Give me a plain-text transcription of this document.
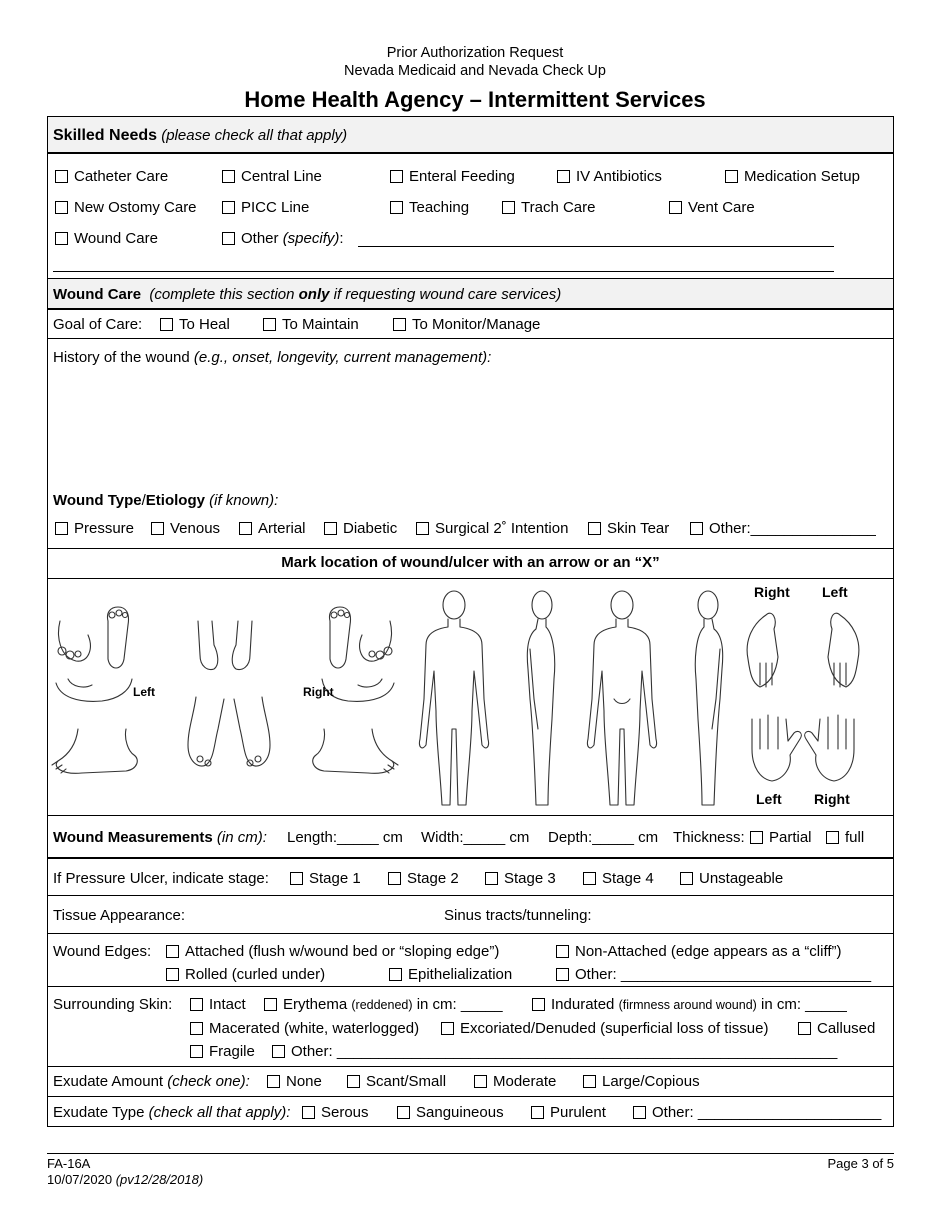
Prior Authorization Request
Nevada Medicaid and Nevada Check Up
Home Health Agency – Intermittent Services
Skilled Needs (please check all that apply)
Catheter Care	Central Line	Enteral Feeding	IV Antibiotics	Medication Setup
New Ostomy Care	PICC Line	Teaching	Trach Care	Vent Care
Wound Care	Other (specify):
Wound Care (complete this section only if requesting wound care services)
Goal of Care:	To Heal	To Maintain	To Monitor/Manage
History of the wound (e.g., onset, longevity, current management):
Wound Type/Etiology (if known):
Pressure	Venous	Arterial	Diabetic	Surgical 2˚ Intention	Skin Tear	Other:_______________
Mark location of wound/ulcer with an arrow or an “X”
Left	Right
Right Left
Left Right
Wound Measurements (in cm): Length:_____ cm Width:_____ cm Depth:_____ cm Thickness:	Partial	full
If Pressure Ulcer, indicate stage:	Stage 1	Stage 2	Stage 3	Stage 4	Unstageable
Tissue Appearance:	Sinus tracts/tunneling:
Wound Edges:	Attached (flush w/wound bed or “sloping edge”)	Non-Attached (edge appears as a “cliff”)
Rolled (curled under)	Epithelialization	Other: ______________________________
Surrounding Skin:	Intact	Erythema (reddened) in cm: _____	Indurated (firmness around wound) in cm: _____
Macerated (white, waterlogged)	Excoriated/Denuded (superficial loss of tissue)	Callused
Fragile	Other: ____________________________________________________________
Exudate Amount (check one):	None	Scant/Small	Moderate	Large/Copious
Exudate Type (check all that apply):	Serous	Sanguineous	Purulent	Other: ______________________
FA-16A
10/07/2020 (pv12/28/2018)
Page 3 of 5
